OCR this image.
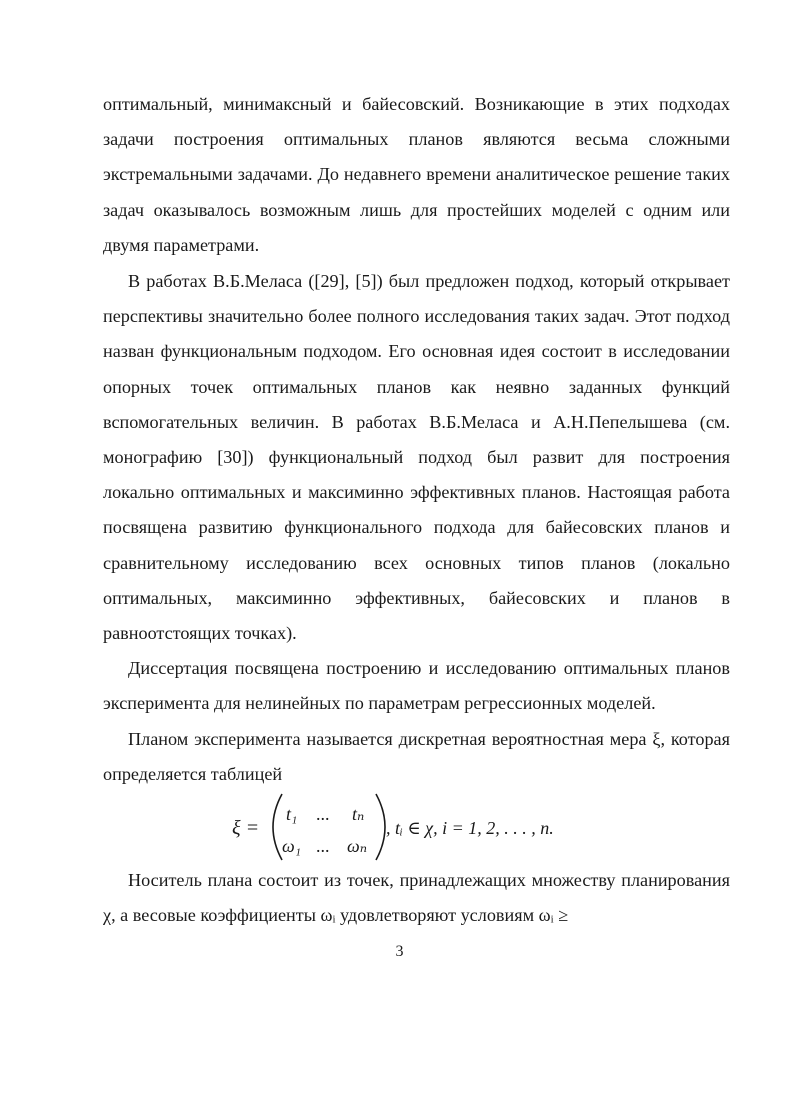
оптимальный, минимаксный и байесовский. Возникающие в этих подходах задачи построения оптимальных планов являются весьма сложными экстремальными задачами. До недавнего времени аналитическое решение таких задач оказывалось возможным лишь для простейших моделей с одним или двумя параметрами.

В работах В.Б.Меласа ([29], [5]) был предложен подход, который открывает перспективы значительно более полного исследования таких задач. Этот подход назван функциональным подходом. Его основная идея состоит в исследовании опорных точек оптимальных планов как неявно заданных функций вспомогательных величин. В работах В.Б.Меласа и А.Н.Пепелышева (см. монографию [30]) функциональный подход был развит для построения локально оптимальных и максиминно эффективных планов. Настоящая работа посвящена развитию функционального подхода для байесовских планов и сравнительному исследованию всех основных типов планов (локально оптимальных, максиминно эффективных, байесовских и планов в равноотстоящих точках).

Диссертация посвящена построению и исследованию оптимальных планов эксперимента для нелинейных по параметрам регрессионных моделей.

Планом эксперимента называется дискретная вероятностная мера ξ, которая определяется таблицей

ξ =
t₁ ... tₙ
ω₁ ... ωₙ
, tᵢ ∈ χ, i = 1, 2, . . . , n.

Носитель плана состоит из точек, принадлежащих множеству планирования χ, а весовые коэффициенты ωᵢ удовлетворяют условиям ωᵢ ≥

3
